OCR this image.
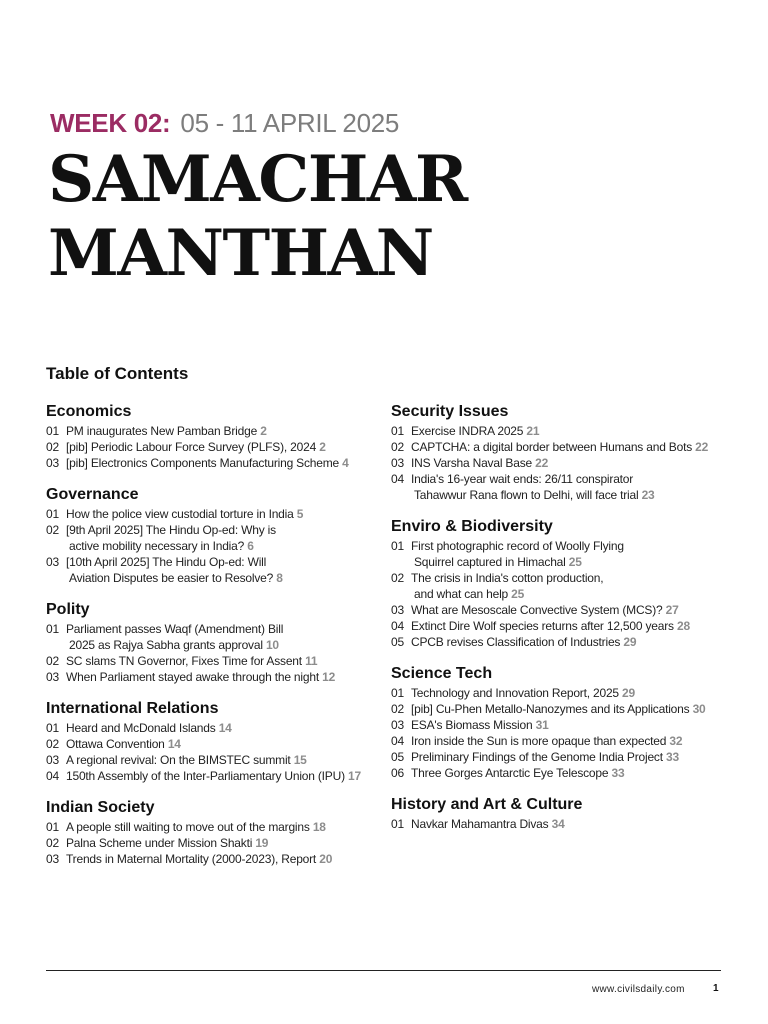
WEEK 02: 05 - 11 APRIL 2025
SAMACHAR
MANTHAN
Table of Contents
Economics
01 PM inaugurates New Pamban Bridge 2
02 [pib] Periodic Labour Force Survey (PLFS), 2024 2
03 [pib] Electronics Components Manufacturing Scheme 4
Governance
01 How the police view custodial torture in India 5
02 [9th April 2025] The Hindu Op-ed: Why is
active mobility necessary in India? 6
03 [10th April 2025] The Hindu Op-ed: Will
Aviation Disputes be easier to Resolve? 8
Polity
01 Parliament passes Waqf (Amendment) Bill
2025 as Rajya Sabha grants approval 10
02 SC slams TN Governor, Fixes Time for Assent 11
03 When Parliament stayed awake through the night 12
International Relations
01 Heard and McDonald Islands 14
02 Ottawa Convention 14
03 A regional revival: On the BIMSTEC summit 15
04 150th Assembly of the Inter-Parliamentary Union (IPU) 17
Indian Society
01 A people still waiting to move out of the margins 18
02 Palna Scheme under Mission Shakti 19
03 Trends in Maternal Mortality (2000-2023), Report 20
Security Issues
01 Exercise INDRA 2025 21
02 CAPTCHA: a digital border between Humans and Bots 22
03 INS Varsha Naval Base 22
04 India's 16-year wait ends: 26/11 conspirator
Tahawwur Rana flown to Delhi, will face trial 23
Enviro & Biodiversity
01 First photographic record of Woolly Flying
Squirrel captured in Himachal 25
02 The crisis in India's cotton production,
and what can help 25
03 What are Mesoscale Convective System (MCS)? 27
04 Extinct Dire Wolf species returns after 12,500 years 28
05 CPCB revises Classification of Industries 29
Science Tech
01 Technology and Innovation Report, 2025 29
02 [pib] Cu-Phen Metallo-Nanozymes and its Applications 30
03 ESA's Biomass Mission 31
04 Iron inside the Sun is more opaque than expected 32
05 Preliminary Findings of the Genome India Project 33
06 Three Gorges Antarctic Eye Telescope 33
History and Art & Culture
01 Navkar Mahamantra Divas 34
www.civilsdaily.com	1
